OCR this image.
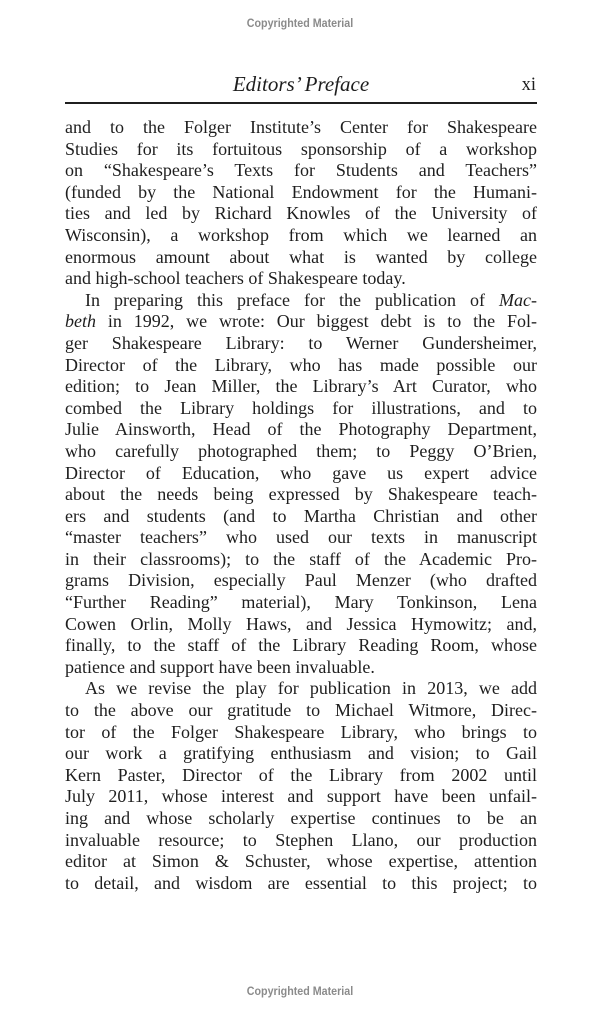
Copyrighted Material
Editors’ Preface	xi
and to the Folger Institute’s Center for Shakespeare
Studies for its fortuitous sponsorship of a workshop
on “Shakespeare’s Texts for Students and Teachers”
(funded by the National Endowment for the Humani-
ties and led by Richard Knowles of the University of
Wisconsin), a workshop from which we learned an
enormous amount about what is wanted by college
and high-school teachers of Shakespeare today.
In preparing this preface for the publication of Mac-
beth in 1992, we wrote: Our biggest debt is to the Fol-
ger Shakespeare Library: to Werner Gundersheimer,
Director of the Library, who has made possible our
edition; to Jean Miller, the Library’s Art Curator, who
combed the Library holdings for illustrations, and to
Julie Ainsworth, Head of the Photography Department,
who carefully photographed them; to Peggy O’Brien,
Director of Education, who gave us expert advice
about the needs being expressed by Shakespeare teach-
ers and students (and to Martha Christian and other
“master teachers” who used our texts in manuscript
in their classrooms); to the staff of the Academic Pro-
grams Division, especially Paul Menzer (who drafted
“Further Reading” material), Mary Tonkinson, Lena
Cowen Orlin, Molly Haws, and Jessica Hymowitz; and,
finally, to the staff of the Library Reading Room, whose
patience and support have been invaluable.
As we revise the play for publication in 2013, we add
to the above our gratitude to Michael Witmore, Direc-
tor of the Folger Shakespeare Library, who brings to
our work a gratifying enthusiasm and vision; to Gail
Kern Paster, Director of the Library from 2002 until
July 2011, whose interest and support have been unfail-
ing and whose scholarly expertise continues to be an
invaluable resource; to Stephen Llano, our production
editor at Simon & Schuster, whose expertise, attention
to detail, and wisdom are essential to this project; to
Copyrighted Material
